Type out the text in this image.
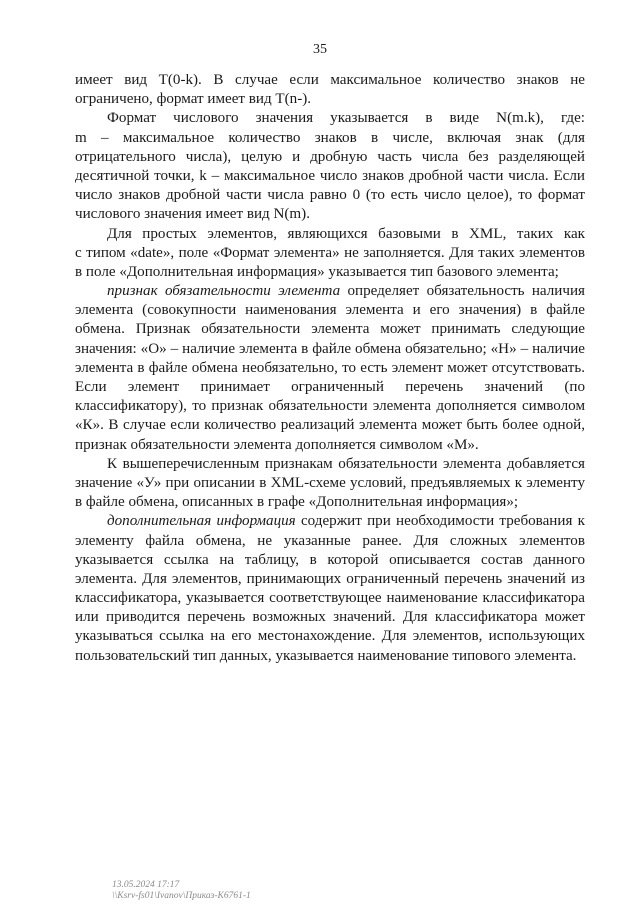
35
имеет вид T(0-k). В случае если максимальное количество знаков не
ограничено, формат имеет вид T(n-).
Формат числового значения указывается в виде N(m.k), где:
m – максимальное количество знаков в числе, включая знак (для
отрицательного числа), целую и дробную часть числа без разделяющей
десятичной точки, k – максимальное число знаков дробной части числа. Если
число знаков дробной части числа равно 0 (то есть число целое), то формат
числового значения имеет вид N(m).
Для простых элементов, являющихся базовыми в XML, таких как
с типом «date», поле «Формат элемента» не заполняется. Для таких элементов
в поле «Дополнительная информация» указывается тип базового элемента;
признак обязательности элемента определяет обязательность наличия
элемента (совокупности наименования элемента и его значения) в файле
обмена. Признак обязательности элемента может принимать следующие
значения: «О» – наличие элемента в файле обмена обязательно; «Н» – наличие
элемента в файле обмена необязательно, то есть элемент может отсутствовать.
Если элемент принимает ограниченный перечень значений (по
классификатору), то признак обязательности элемента дополняется символом
«К». В случае если количество реализаций элемента может быть более одной,
признак обязательности элемента дополняется символом «М».
К вышеперечисленным признакам обязательности элемента добавляется
значение «У» при описании в XML-схеме условий, предъявляемых к элементу
в файле обмена, описанных в графе «Дополнительная информация»;
дополнительная информация содержит при необходимости требования к
элементу файла обмена, не указанные ранее. Для сложных элементов
указывается ссылка на таблицу, в которой описывается состав данного
элемента. Для элементов, принимающих ограниченный перечень значений из
классификатора, указывается соответствующее наименование классификатора
или приводится перечень возможных значений. Для классификатора может
указываться ссылка на его местонахождение. Для элементов, использующих
пользовательский тип данных, указывается наименование типового элемента.
13.05.2024 17:17
\\Ksrv-fs01\Ivanov\Приказ-К6761-1
